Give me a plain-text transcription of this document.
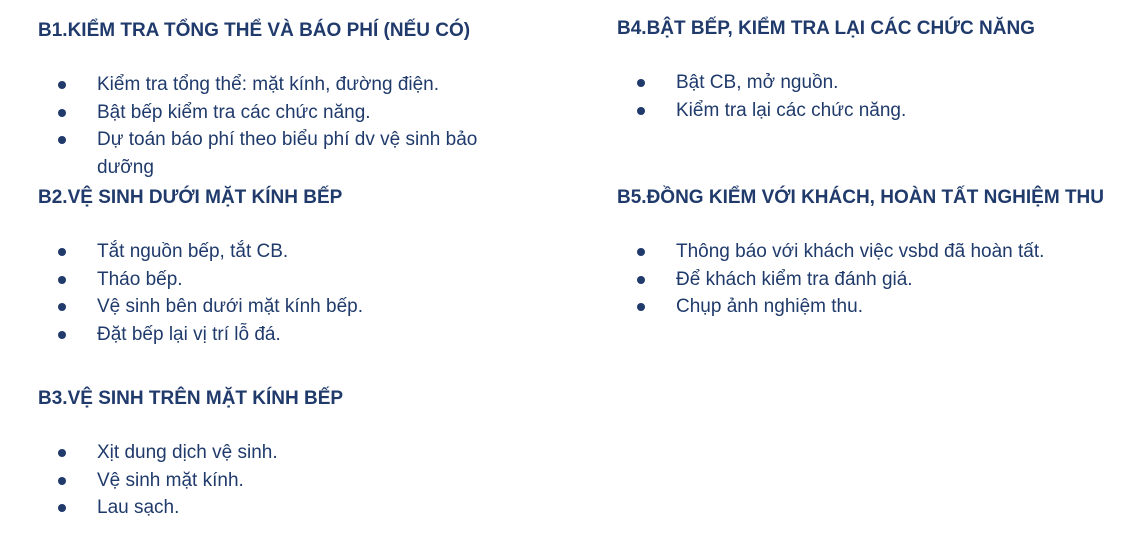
B1.KIỂM TRA TỔNG THỂ VÀ BÁO PHÍ (NẾU CÓ)
Kiểm tra tổng thể: mặt kính, đường điện.
Bật bếp kiểm tra các chức năng.
Dự toán báo phí theo biểu phí dv vệ sinh bảo dưỡng
B2.VỆ SINH DƯỚI MẶT KÍNH BẾP
Tắt nguồn bếp, tắt CB.
Tháo bếp.
Vệ sinh bên dưới mặt kính bếp.
Đặt bếp lại vị trí lỗ đá.
B3.VỆ SINH TRÊN MẶT KÍNH BẾP
Xịt dung dịch vệ sinh.
Vệ sinh mặt kính.
Lau sạch.
B4.BẬT BẾP, KIỂM TRA LẠI CÁC CHỨC NĂNG
Bật CB, mở nguồn.
Kiểm tra lại các chức năng.
B5.ĐỒNG KIỂM VỚI KHÁCH, HOÀN TẤT NGHIỆM THU
Thông báo với khách việc vsbd đã hoàn tất.
Để khách kiểm tra đánh giá.
Chụp ảnh nghiệm thu.
